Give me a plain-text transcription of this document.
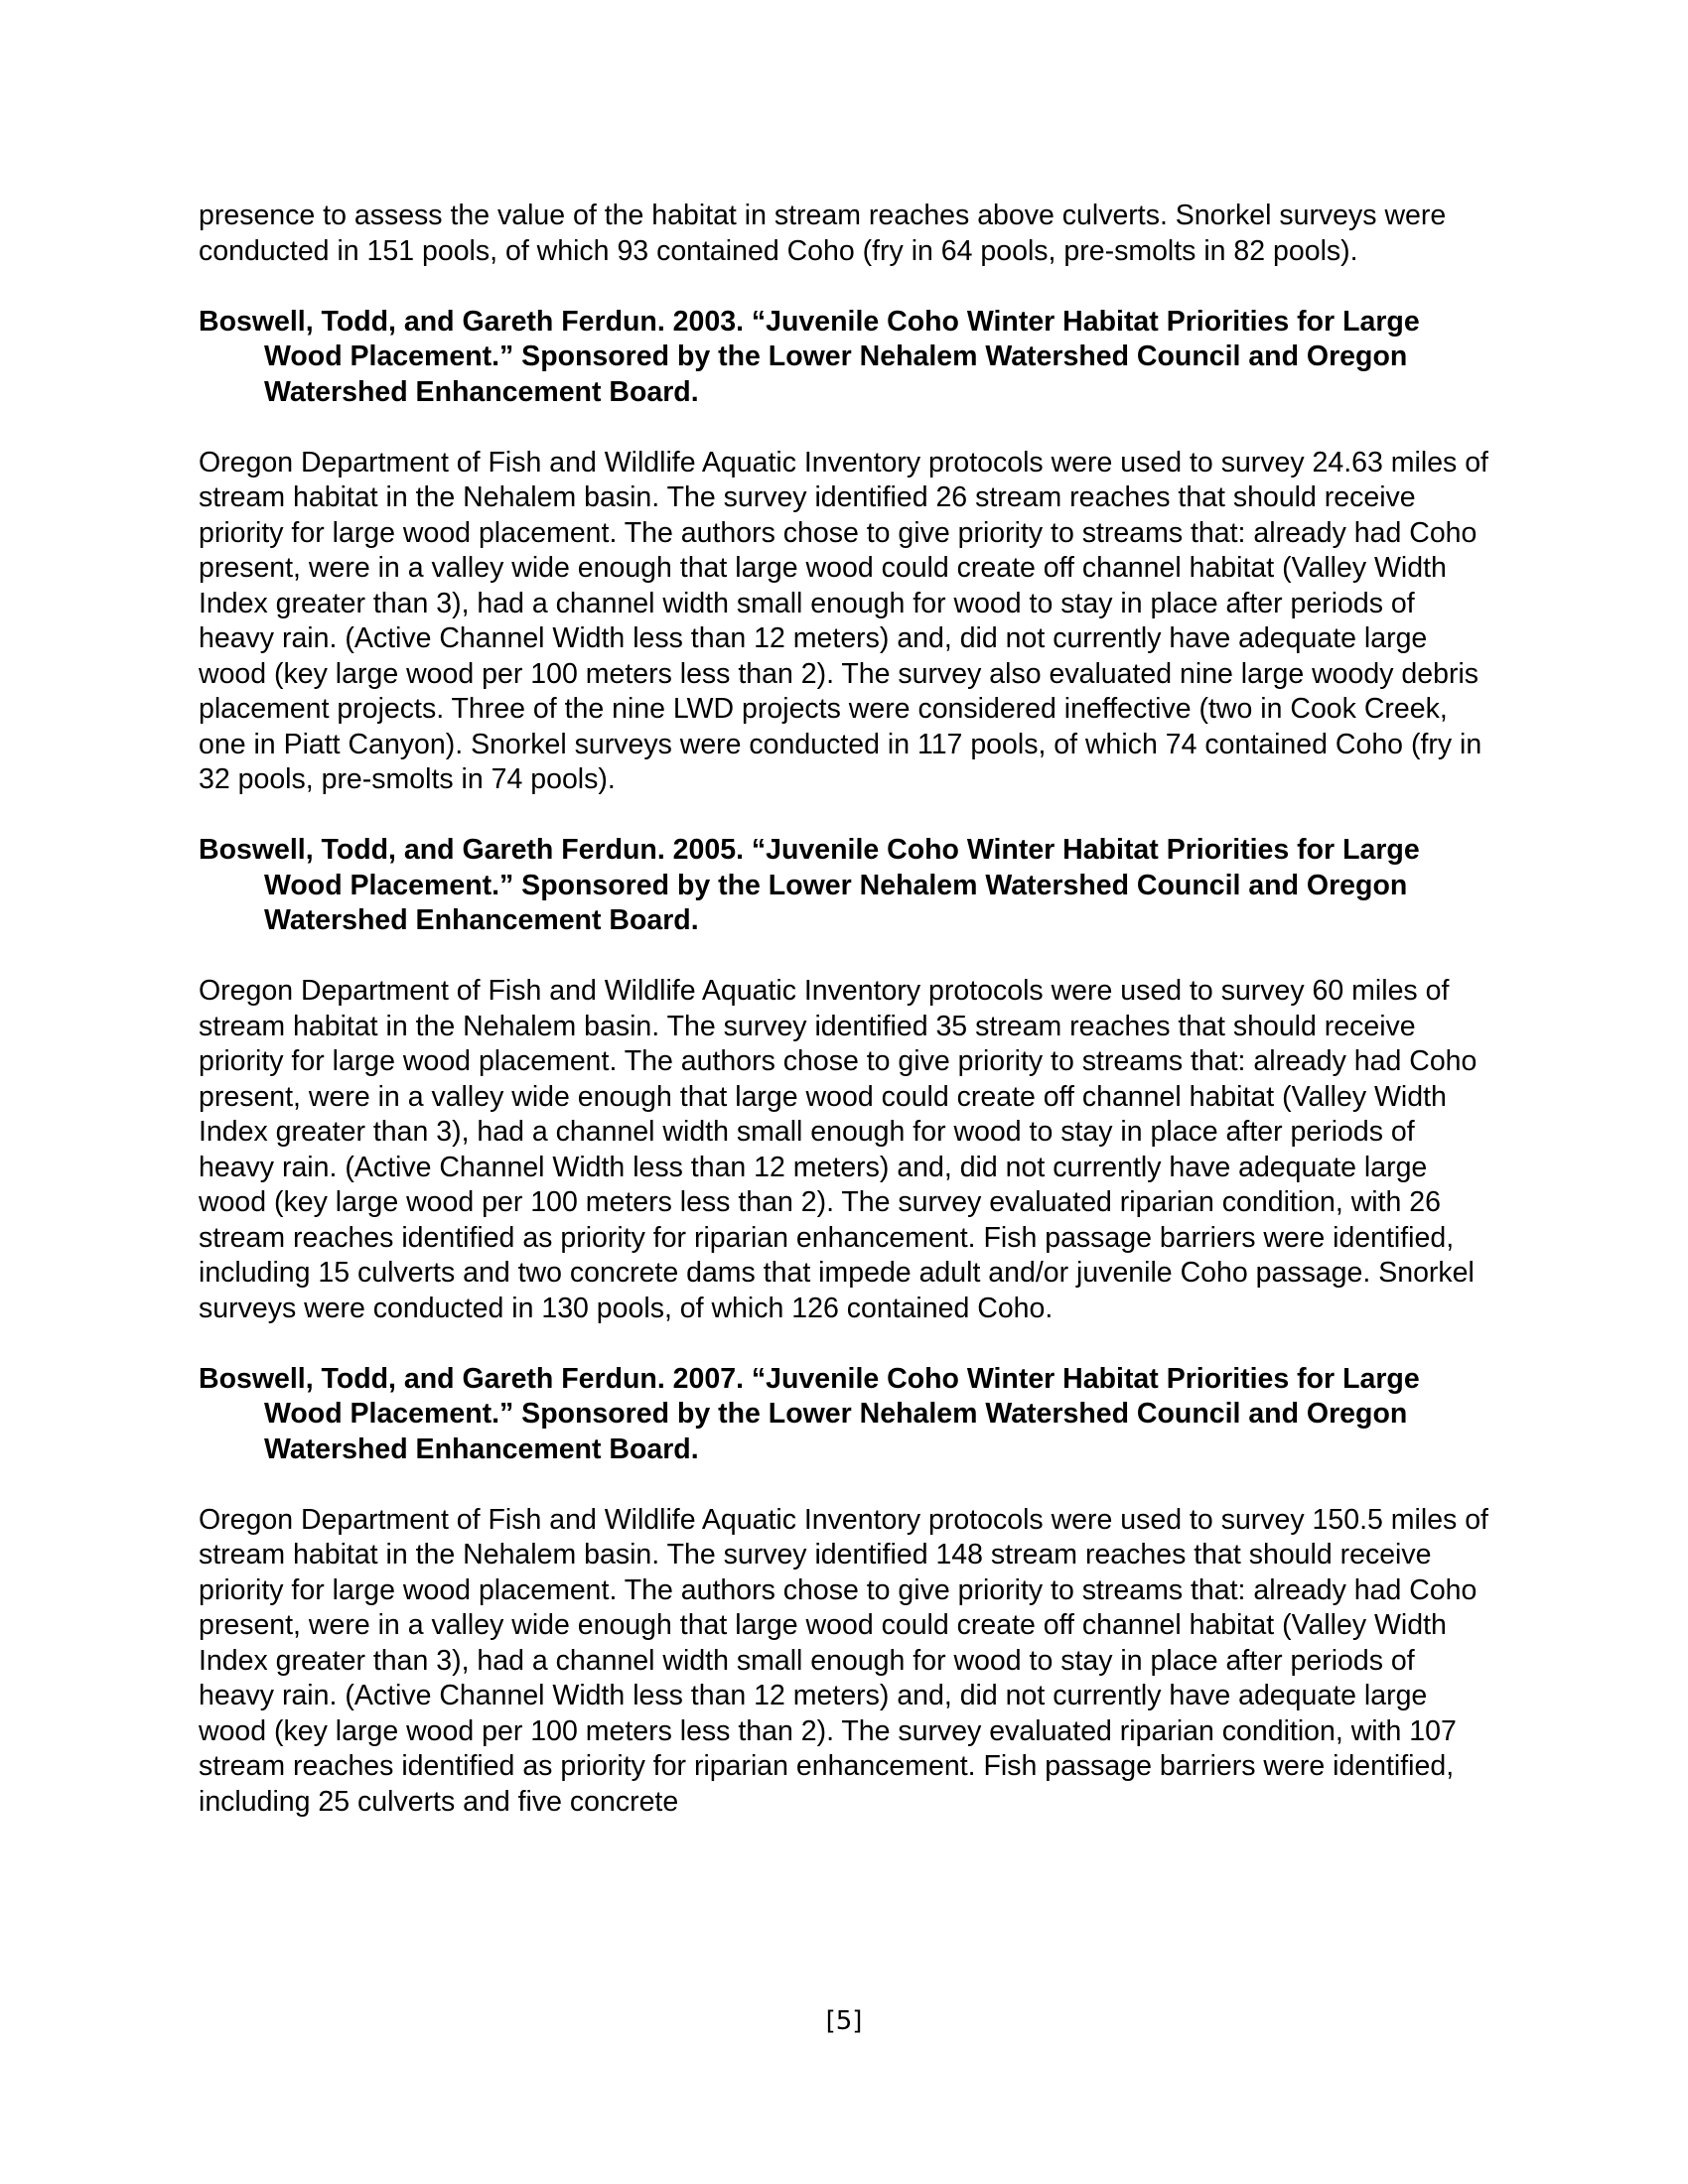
presence to assess the value of the habitat in stream reaches above culverts. Snorkel surveys were conducted in 151 pools, of which 93 contained Coho (fry in 64 pools, pre-smolts in 82 pools).

Boswell, Todd, and Gareth Ferdun. 2003. “Juvenile Coho Winter Habitat Priorities for Large Wood Placement.” Sponsored by the Lower Nehalem Watershed Council and Oregon Watershed Enhancement Board.

Oregon Department of Fish and Wildlife Aquatic Inventory protocols were used to survey 24.63 miles of stream habitat in the Nehalem basin. The survey identified 26 stream reaches that should receive priority for large wood placement. The authors chose to give priority to streams that: already had Coho present, were in a valley wide enough that large wood could create off channel habitat (Valley Width Index greater than 3), had a channel width small enough for wood to stay in place after periods of heavy rain. (Active Channel Width less than 12 meters) and, did not currently have adequate large wood (key large wood per 100 meters less than 2). The survey also evaluated nine large woody debris placement projects. Three of the nine LWD projects were considered ineffective (two in Cook Creek, one in Piatt Canyon). Snorkel surveys were conducted in 117 pools, of which 74 contained Coho (fry in 32 pools, pre-smolts in 74 pools).

Boswell, Todd, and Gareth Ferdun. 2005. “Juvenile Coho Winter Habitat Priorities for Large Wood Placement.” Sponsored by the Lower Nehalem Watershed Council and Oregon Watershed Enhancement Board.

Oregon Department of Fish and Wildlife Aquatic Inventory protocols were used to survey 60 miles of stream habitat in the Nehalem basin. The survey identified 35 stream reaches that should receive priority for large wood placement. The authors chose to give priority to streams that: already had Coho present, were in a valley wide enough that large wood could create off channel habitat (Valley Width Index greater than 3), had a channel width small enough for wood to stay in place after periods of heavy rain. (Active Channel Width less than 12 meters) and, did not currently have adequate large wood (key large wood per 100 meters less than 2). The survey evaluated riparian condition, with 26 stream reaches identified as priority for riparian enhancement. Fish passage barriers were identified, including 15 culverts and two concrete dams that impede adult and/or juvenile Coho passage. Snorkel surveys were conducted in 130 pools, of which 126 contained Coho.

Boswell, Todd, and Gareth Ferdun. 2007. “Juvenile Coho Winter Habitat Priorities for Large Wood Placement.” Sponsored by the Lower Nehalem Watershed Council and Oregon Watershed Enhancement Board.

Oregon Department of Fish and Wildlife Aquatic Inventory protocols were used to survey 150.5 miles of stream habitat in the Nehalem basin. The survey identified 148 stream reaches that should receive priority for large wood placement. The authors chose to give priority to streams that: already had Coho present, were in a valley wide enough that large wood could create off channel habitat (Valley Width Index greater than 3), had a channel width small enough for wood to stay in place after periods of heavy rain. (Active Channel Width less than 12 meters) and, did not currently have adequate large wood (key large wood per 100 meters less than 2). The survey evaluated riparian condition, with 107 stream reaches identified as priority for riparian enhancement. Fish passage barriers were identified, including 25 culverts and five concrete

[5]
